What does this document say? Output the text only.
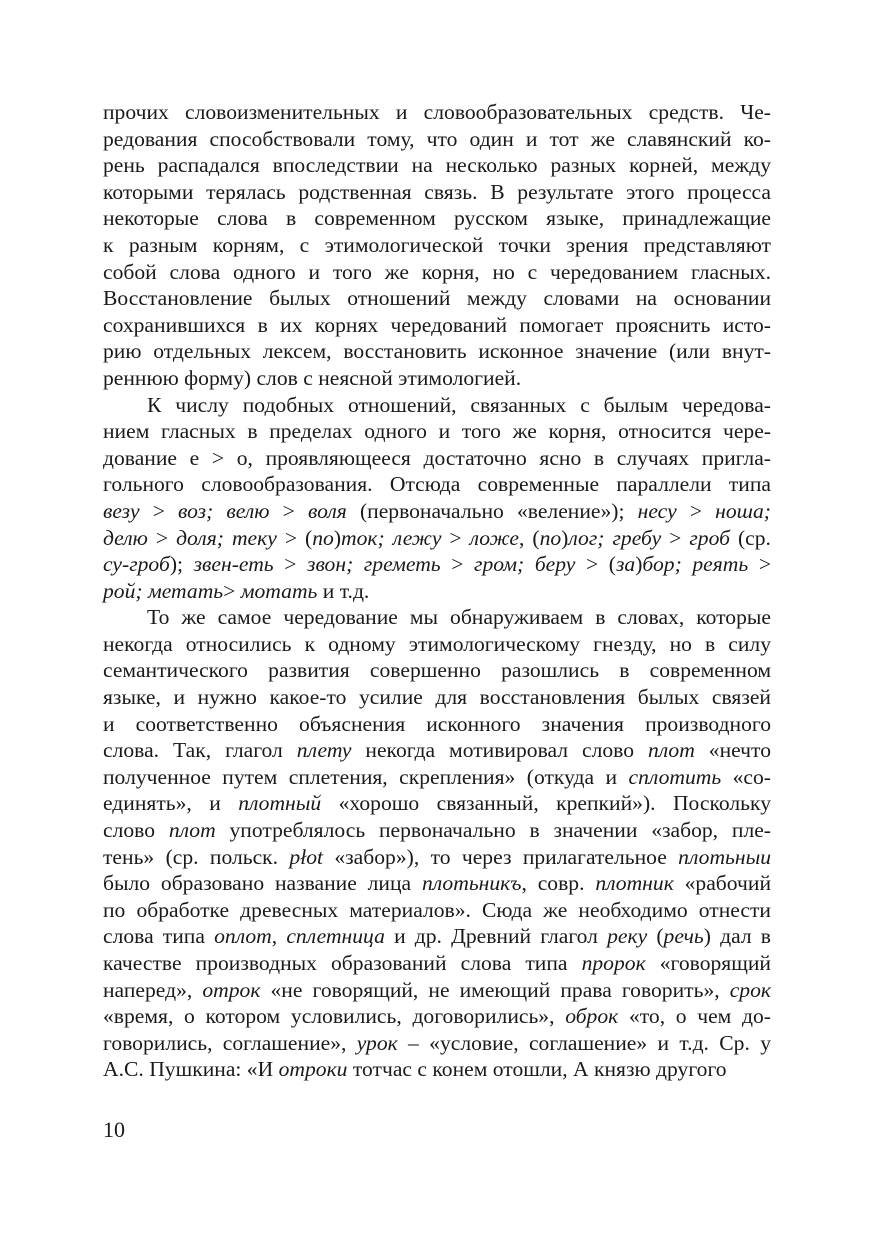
прочих словоизменительных и словообразовательных средств. Че-
редования способствовали тому, что один и тот же славянский ко-
рень распадался впоследствии на несколько разных корней, между
которыми терялась родственная связь. В результате этого процесса
некоторые слова в современном русском языке, принадлежащие
к разным корням, с этимологической точки зрения представляют
собой слова одного и того же корня, но с чередованием гласных.
Восстановление былых отношений между словами на основании
сохранившихся в их корнях чередований помогает прояснить исто-
рию отдельных лексем, восстановить исконное значение (или внут-
реннюю форму) слов с неясной этимологией.

К числу подобных отношений, связанных с былым чередова-
нием гласных в пределах одного и того же корня, относится чере-
дование е > о, проявляющееся достаточно ясно в случаях пригла-
гольного словообразования. Отсюда современные параллели типа
везу > воз; велю > воля (первоначально «веление»); несу > ноша;
делю > доля; теку > (по)ток; лежу > ложе, (по)лог; гребу > гроб (ср.
су-гроб); звен-еть > звон; греметь > гром; беру > (за)бор; реять >
рой; метать> мотать и т.д.

То же самое чередование мы обнаруживаем в словах, которые
некогда относились к одному этимологическому гнезду, но в силу
семантического развития совершенно разошлись в современном
языке, и нужно какое-то усилие для восстановления былых связей
и соответственно объяснения исконного значения производного
слова. Так, глагол плету некогда мотивировал слово плот «нечто
полученное путем сплетения, скрепления» (откуда и сплотить «со-
единять», и плотный «хорошо связанный, крепкий»). Поскольку
слово плот употреблялось первоначально в значении «забор, пле-
тень» (ср. польск. płot «забор»), то через прилагательное плотьныи
было образовано название лица плотьникъ, совр. плотник «рабочий
по обработке древесных материалов». Сюда же необходимо отнести
слова типа оплот, сплетница и др. Древний глагол реку (речь) дал в
качестве производных образований слова типа пророк «говорящий
наперед», отрок «не говорящий, не имеющий права говорить», срок
«время, о котором условились, договорились», оброк «то, о чем до-
говорились, соглашение», урок – «условие, соглашение» и т.д. Ср. у
А.С. Пушкина: «И отроки тотчас с конем отошли, А князю другого

10
